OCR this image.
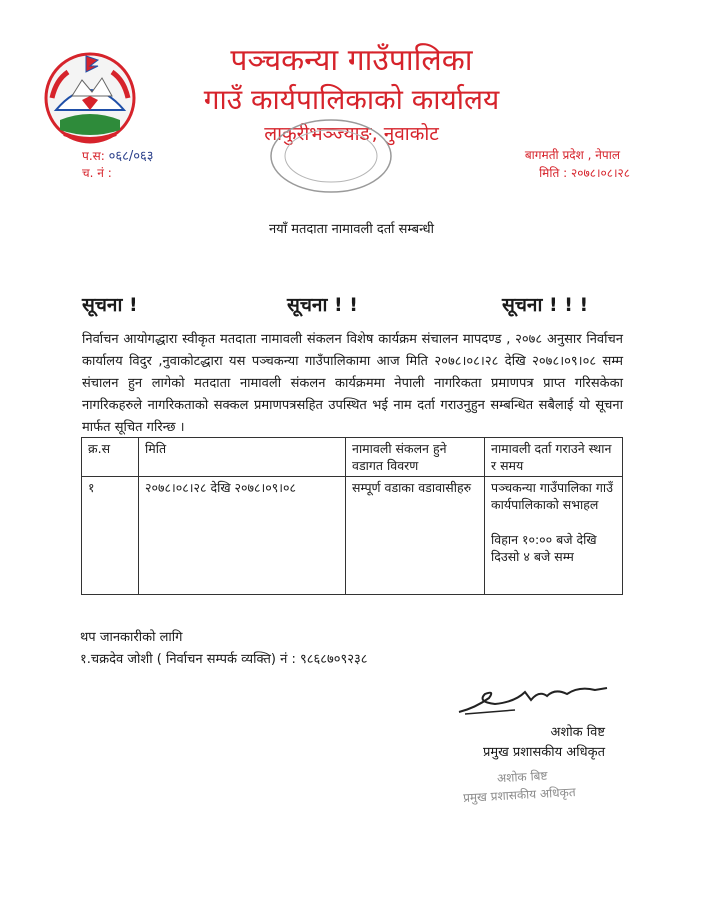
पञ्चकन्या गाउँपालिका
गाउँ कार्यपालिकाको कार्यालय
लाकुरीभञ्ज्याङ, नुवाकोट
प.स: ०६८/०६३
च. नं :
बागमती प्रदेश , नेपाल
मिति : २०७८।०८।२८
नयाँ मतदाता नामावली दर्ता सम्बन्धी
सूचना !	सूचना ! !	सूचना ! ! !
निर्वाचन आयोगद्धारा स्वीकृत मतदाता नामावली संकलन विशेष कार्यक्रम संचालन मापदण्ड , २०७८ अनुसार निर्वाचन कार्यालय विदुर ,नुवाकोटद्धारा यस पञ्चकन्या गाउँपालिकामा आज मिति २०७८।०८।२८ देखि २०७८।०९।०८ सम्म संचालन हुन लागेको मतदाता नामावली संकलन कार्यक्रममा नेपाली नागरिकता प्रमाणपत्र प्राप्त गरिसकेका नागरिकहरुले नागरिकताको सक्कल प्रमाणपत्रसहित उपस्थित भई नाम दर्ता गराउनुहुन सम्बन्धित सबैलाई यो सूचना मार्फत सूचित गरिन्छ ।
क्र.स	मिति	नामावली संकलन हुने वडागत विवरण	नामावली दर्ता गराउने स्थान र समय
१	२०७८।०८।२८ देखि २०७८।०९।०८	सम्पूर्ण वडाका वडावासीहरु	पञ्चकन्या गाउँपालिका गाउँ कार्यपालिकाको सभाहल
विहान १०:०० बजे देखि दिउसो ४ बजे सम्म
थप जानकारीको लागि
१.चक्रदेव जोशी ( निर्वाचन सम्पर्क व्यक्ति) नं : ९८६८७०९२३८
अशोक विष्ट
प्रमुख प्रशासकीय अधिकृत
अशोक बिष्ट
प्रमुख प्रशासकीय अधिकृत
